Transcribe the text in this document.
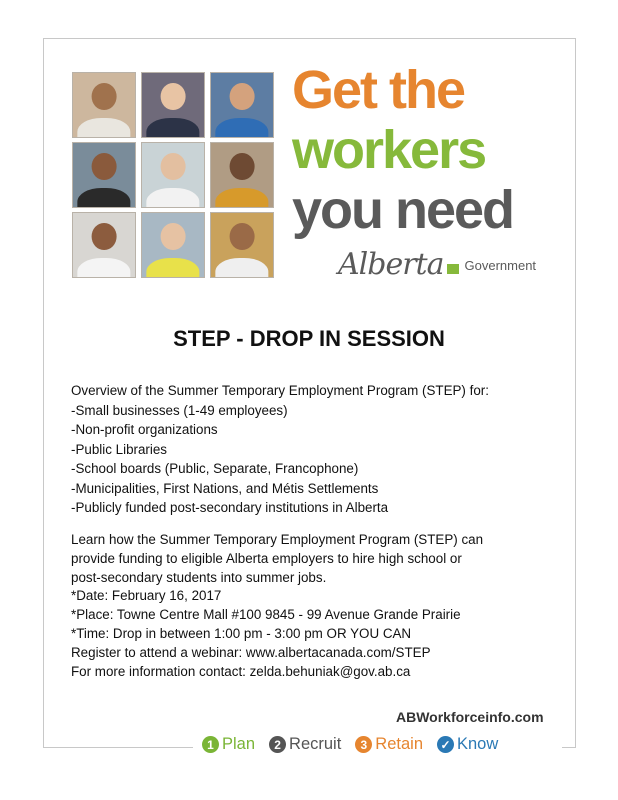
Get the
workers
you need
Alberta Government
STEP - DROP IN SESSION
Overview of the Summer Temporary Employment Program (STEP) for:
-Small businesses (1-49 employees)
-Non-profit organizations
-Public Libraries
-School boards (Public, Separate, Francophone)
-Municipalities, First Nations, and Métis Settlements
-Publicly funded post-secondary institutions in Alberta
Learn how the Summer Temporary Employment Program (STEP) can
provide funding to eligible Alberta employers to hire high school or
post-secondary students into summer jobs.
*Date: February 16, 2017
*Place: Towne Centre Mall #100 9845 - 99 Avenue Grande Prairie
*Time: Drop in between 1:00 pm - 3:00 pm OR YOU CAN
Register to attend a webinar: www.albertacanada.com/STEP
For more information contact: zelda.behuniak@gov.ab.ca
ABWorkforceinfo.com
1 Plan	2 Recruit	3 Retain ✓ Know
